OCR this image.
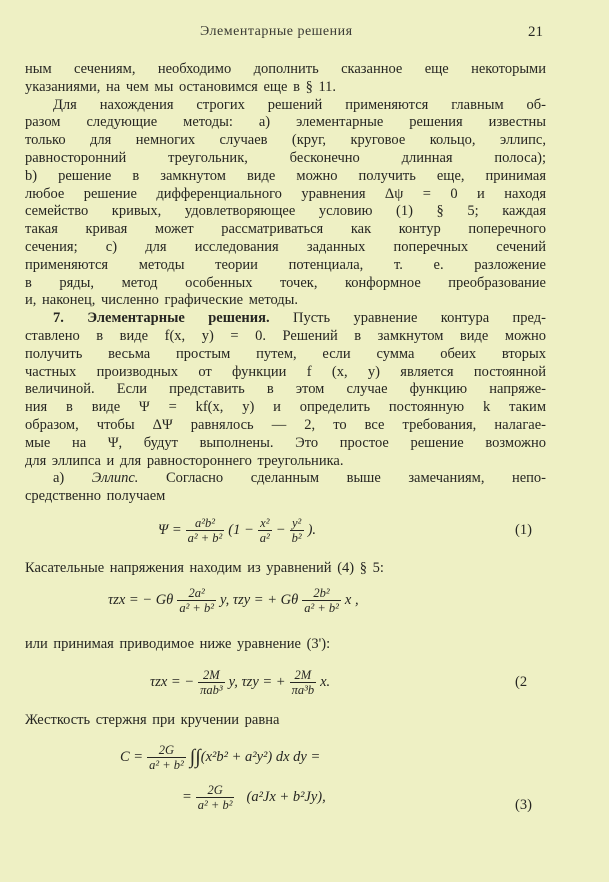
Элементарные решения	21
ным сечениям, необходимо дополнить сказанное еще некоторыми
указаниями, на чем мы остановимся еще в § 11.
Для нахождения строгих решений применяются главным об-
разом следующие методы: a) элементарные решения известны
только для немногих случаев (круг, круговое кольцо, эллипс,
равносторонний треугольник, бесконечно длинная полоса);
b) решение в замкнутом виде можно получить еще, принимая
любое решение дифференциального уравнения Δψ = 0 и находя
семейство кривых, удовлетворяющее условию (1) § 5; каждая
такая кривая может рассматриваться как контур поперечного
сечения; c) для исследования заданных поперечных сечений
применяются методы теории потенциала, т. е. разложение
в ряды, метод особенных точек, конформное преобразование
и, наконец, численно графические методы.
7. Элементарные решения. Пусть уравнение контура пред-
ставлено в виде f(x, y) = 0. Решений в замкнутом виде можно
получить весьма простым путем, если сумма обеих вторых
частных производных от функции f (x, y) является постоянной
величиной. Если представить в этом случае функцию напряже-
ния в виде Ψ = kf(x, y) и определить постоянную k таким
образом, чтобы ΔΨ равнялось — 2, то все требования, налагае-
мые на Ψ, будут выполнены. Это простое решение возможно
для эллипса и для равностороннего треугольника.
a) Эллипс. Согласно сделанным выше замечаниям, непо-
средственно получаем
$\Psi = \frac{\text{a²b²}}{\text{a² + b²}} (1 - \frac{\text{x²}}{\text{a²}} - \frac{\text{y²}}{\text{b²}}$ ).	(1)
Касательные напряжения находим из уравнений (4) § 5:
τzx = − Gθ $\frac{\text{2a²}}{\text{a² + b²}} y$, τzy = + Gθ $\frac{\text{2b²}}{\text{a² + b²}}$ x ,
или принимая приводимое ниже уравнение (3'):
τzx = − $\frac{2M}{\text{πab³}} y$, τzy = + $\frac{2M}{\text{πa³b}} x$.	(2
Жесткость стержня при кручении равна
$C = \frac{2G}{\text{a² + b²}}$ ∫∫ (x²b² + a²y²) dx dy =
= $\frac{2G}{\text{a² + b²}} (a^2Jx + b^2Jy)$,
(3)
